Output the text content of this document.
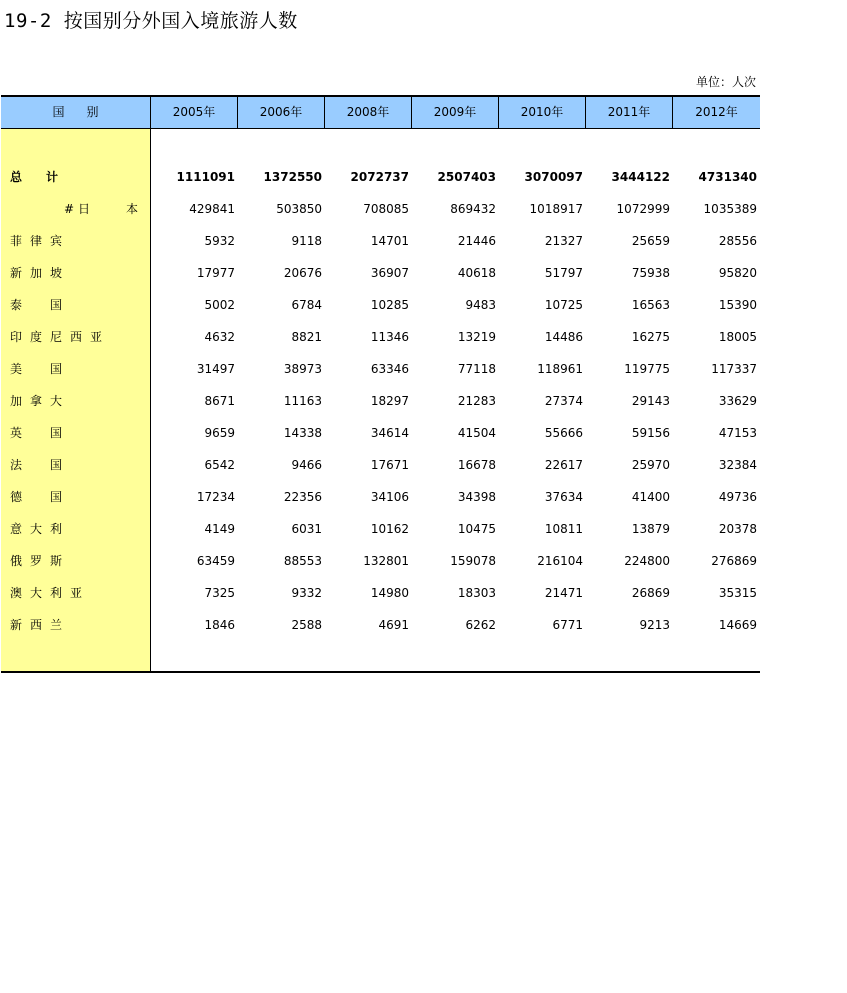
19-2 按国别分外国入境旅游人数
单位：人次
国别	2005年	2006年	2008年	2009年	2010年	2011年	2012年
总计	1111091	1372550	2072737	2507403	3070097	3444122	4731340
#日　　本	429841	503850	708085	869432	1018917	1072999	1035389
菲律宾	5932	9118	14701	21446	21327	25659	28556
新加坡	17977	20676	36907	40618	51797	75938	95820
泰　国	5002	6784	10285	9483	10725	16563	15390
印度尼西亚	4632	8821	11346	13219	14486	16275	18005
美　国	31497	38973	63346	77118	118961	119775	117337
加拿大	8671	11163	18297	21283	27374	29143	33629
英　国	9659	14338	34614	41504	55666	59156	47153
法　国	6542	9466	17671	16678	22617	25970	32384
德　国	17234	22356	34106	34398	37634	41400	49736
意大利	4149	6031	10162	10475	10811	13879	20378
俄罗斯	63459	88553	132801	159078	216104	224800	276869
澳大利亚	7325	9332	14980	18303	21471	26869	35315
新西兰	1846	2588	4691	6262	6771	9213	14669
